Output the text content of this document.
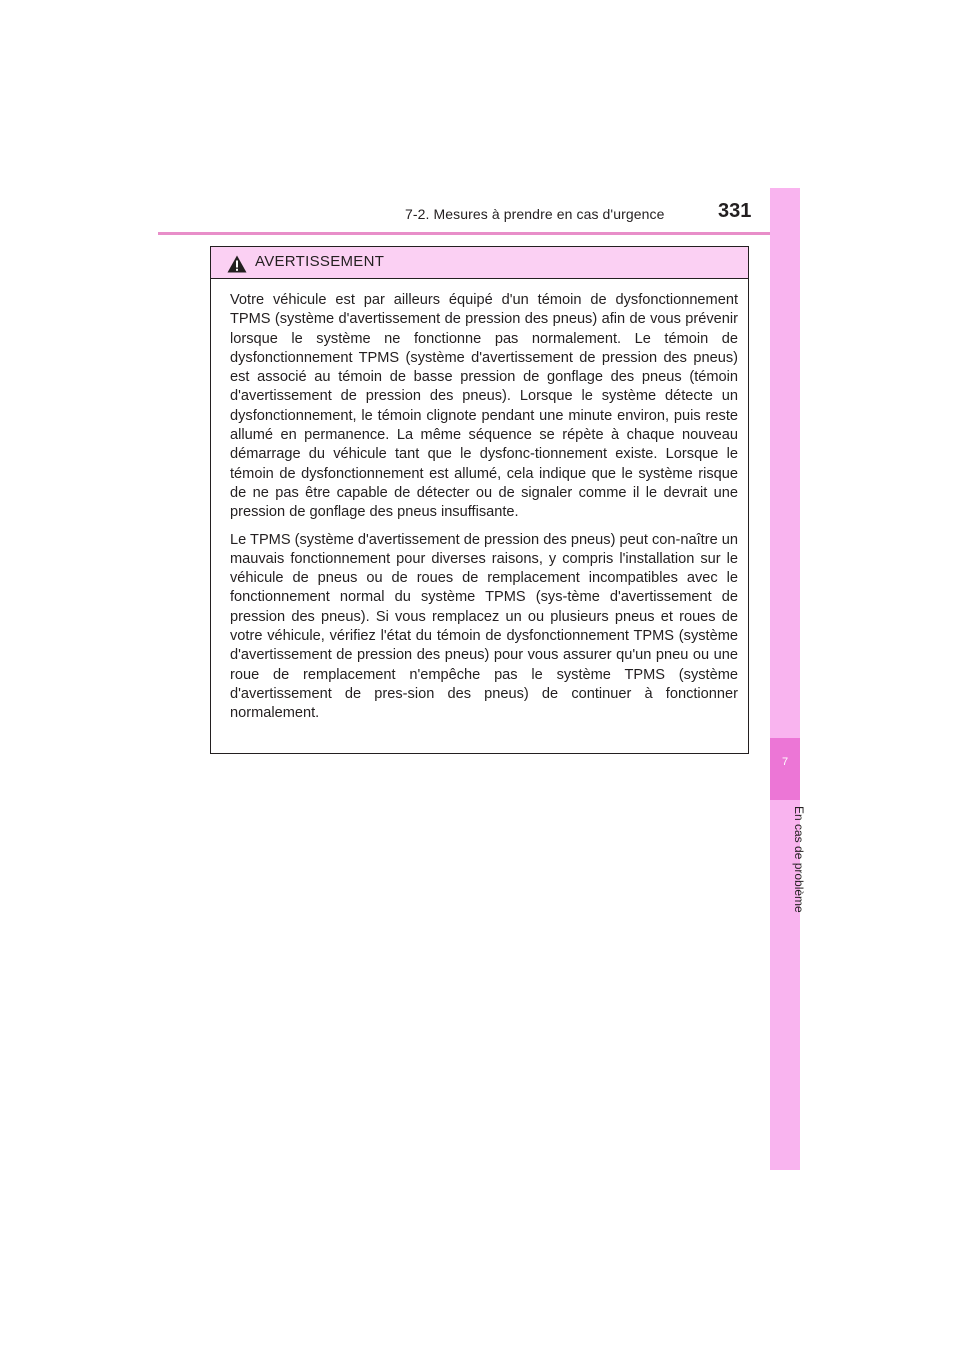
7-2. Mesures à prendre en cas d'urgence	331
7
En cas de problème
AVERTISSEMENT

Votre véhicule est par ailleurs équipé d'un témoin de dysfonctionnement TPMS (système d'avertissement de pression des pneus) afin de vous prévenir lorsque le système ne fonctionne pas normalement. Le témoin de dysfonctionnement TPMS (système d'avertissement de pression des pneus) est associé au témoin de basse pression de gonflage des pneus (témoin d'avertissement de pression des pneus). Lorsque le système détecte un dysfonctionnement, le témoin clignote pendant une minute environ, puis reste allumé en permanence. La même séquence se répète à chaque nouveau démarrage du véhicule tant que le dysfonc-tionnement existe. Lorsque le témoin de dysfonctionnement est allumé, cela indique que le système risque de ne pas être capable de détecter ou de signaler comme il le devrait une pression de gonflage des pneus insuffisante.

Le TPMS (système d'avertissement de pression des pneus) peut con-naître un mauvais fonctionnement pour diverses raisons, y compris l'installation sur le véhicule de pneus ou de roues de remplacement incompatibles avec le fonctionnement normal du système TPMS (sys-tème d'avertissement de pression des pneus). Si vous remplacez un ou plusieurs pneus et roues de votre véhicule, vérifiez l'état du témoin de dysfonctionnement TPMS (système d'avertissement de pression des pneus) pour vous assurer qu'un pneu ou une roue de remplacement n'empêche pas le système TPMS (système d'avertissement de pres-sion des pneus) de continuer à fonctionner normalement.
